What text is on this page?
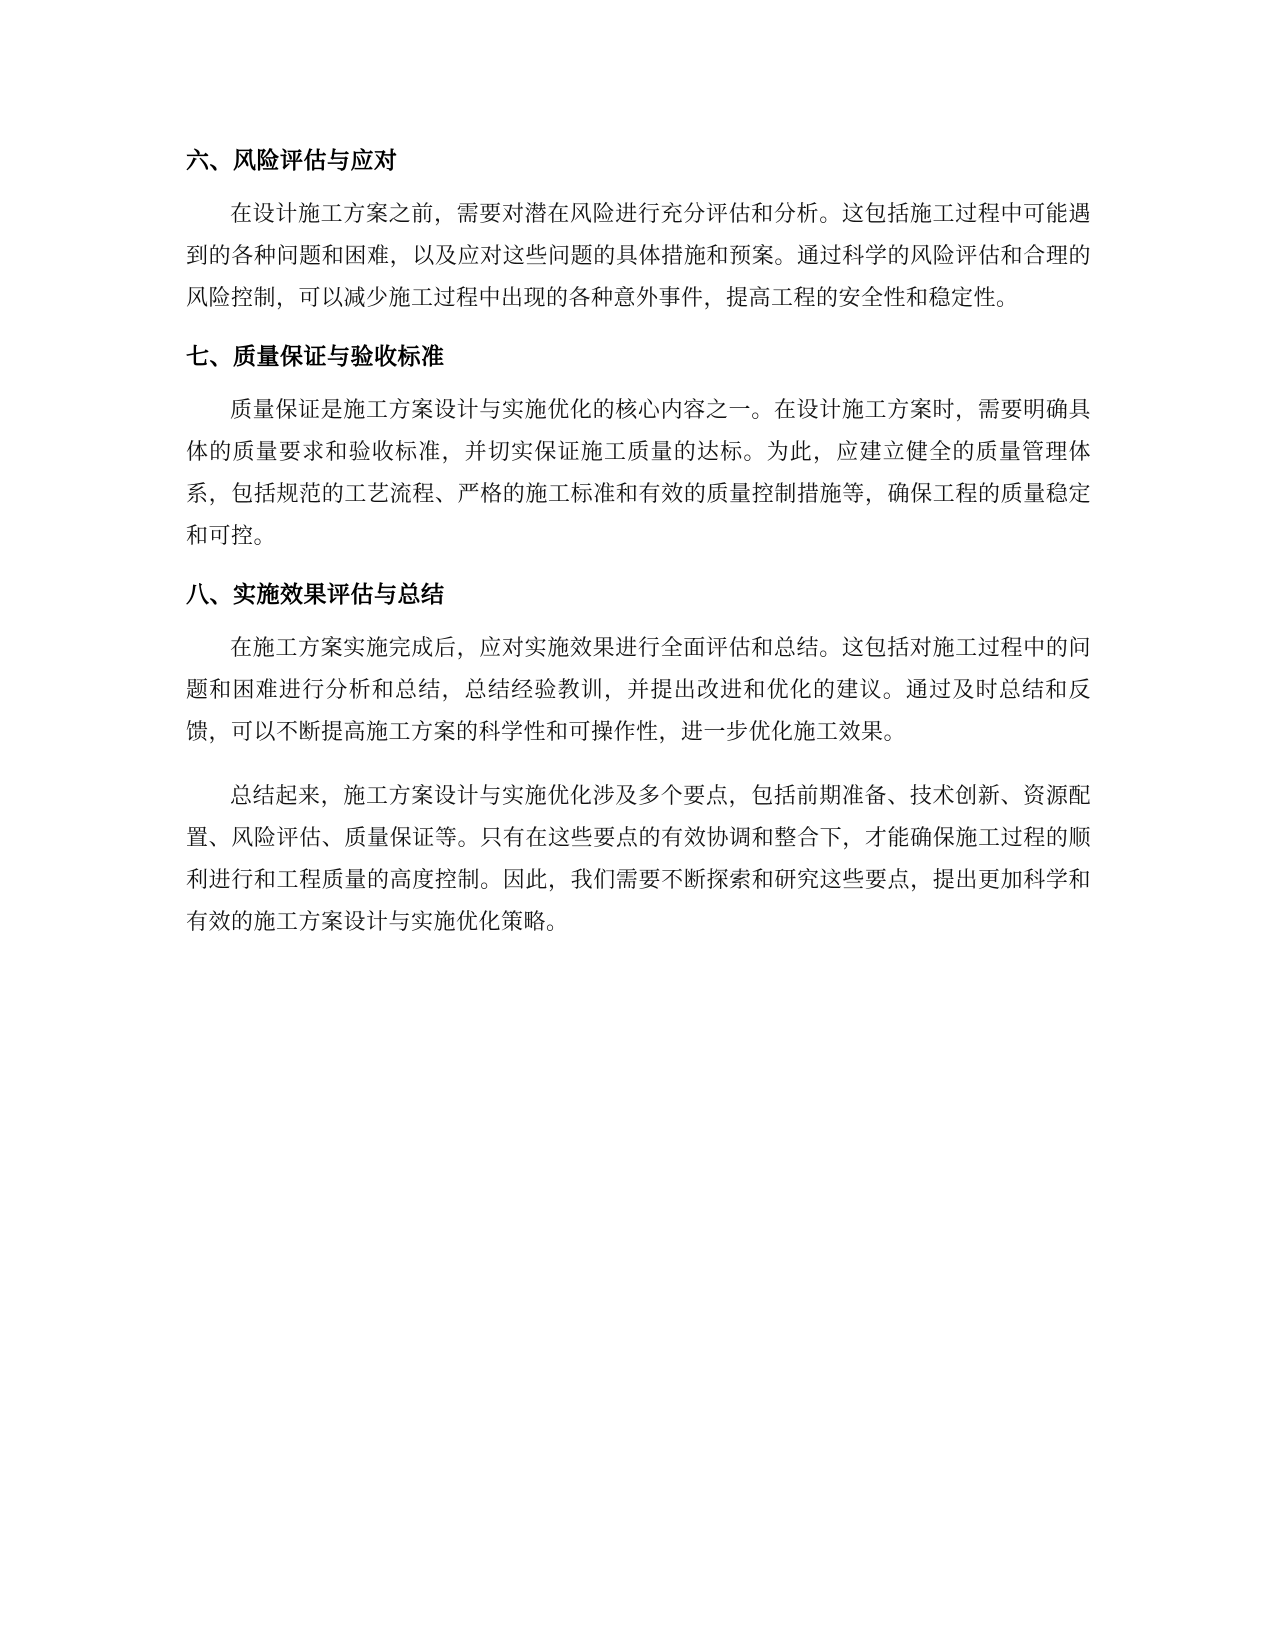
六、风险评估与应对

在设计施工方案之前，需要对潜在风险进行充分评估和分析。这包括施工过程中可能遇到的各种问题和困难，以及应对这些问题的具体措施和预案。通过科学的风险评估和合理的风险控制，可以减少施工过程中出现的各种意外事件，提高工程的安全性和稳定性。

七、质量保证与验收标准

质量保证是施工方案设计与实施优化的核心内容之一。在设计施工方案时，需要明确具体的质量要求和验收标准，并切实保证施工质量的达标。为此，应建立健全的质量管理体系，包括规范的工艺流程、严格的施工标准和有效的质量控制措施等，确保工程的质量稳定和可控。

八、实施效果评估与总结

在施工方案实施完成后，应对实施效果进行全面评估和总结。这包括对施工过程中的问题和困难进行分析和总结，总结经验教训，并提出改进和优化的建议。通过及时总结和反馈，可以不断提高施工方案的科学性和可操作性，进一步优化施工效果。

总结起来，施工方案设计与实施优化涉及多个要点，包括前期准备、技术创新、资源配置、风险评估、质量保证等。只有在这些要点的有效协调和整合下，才能确保施工过程的顺利进行和工程质量的高度控制。因此，我们需要不断探索和研究这些要点，提出更加科学和有效的施工方案设计与实施优化策略。
